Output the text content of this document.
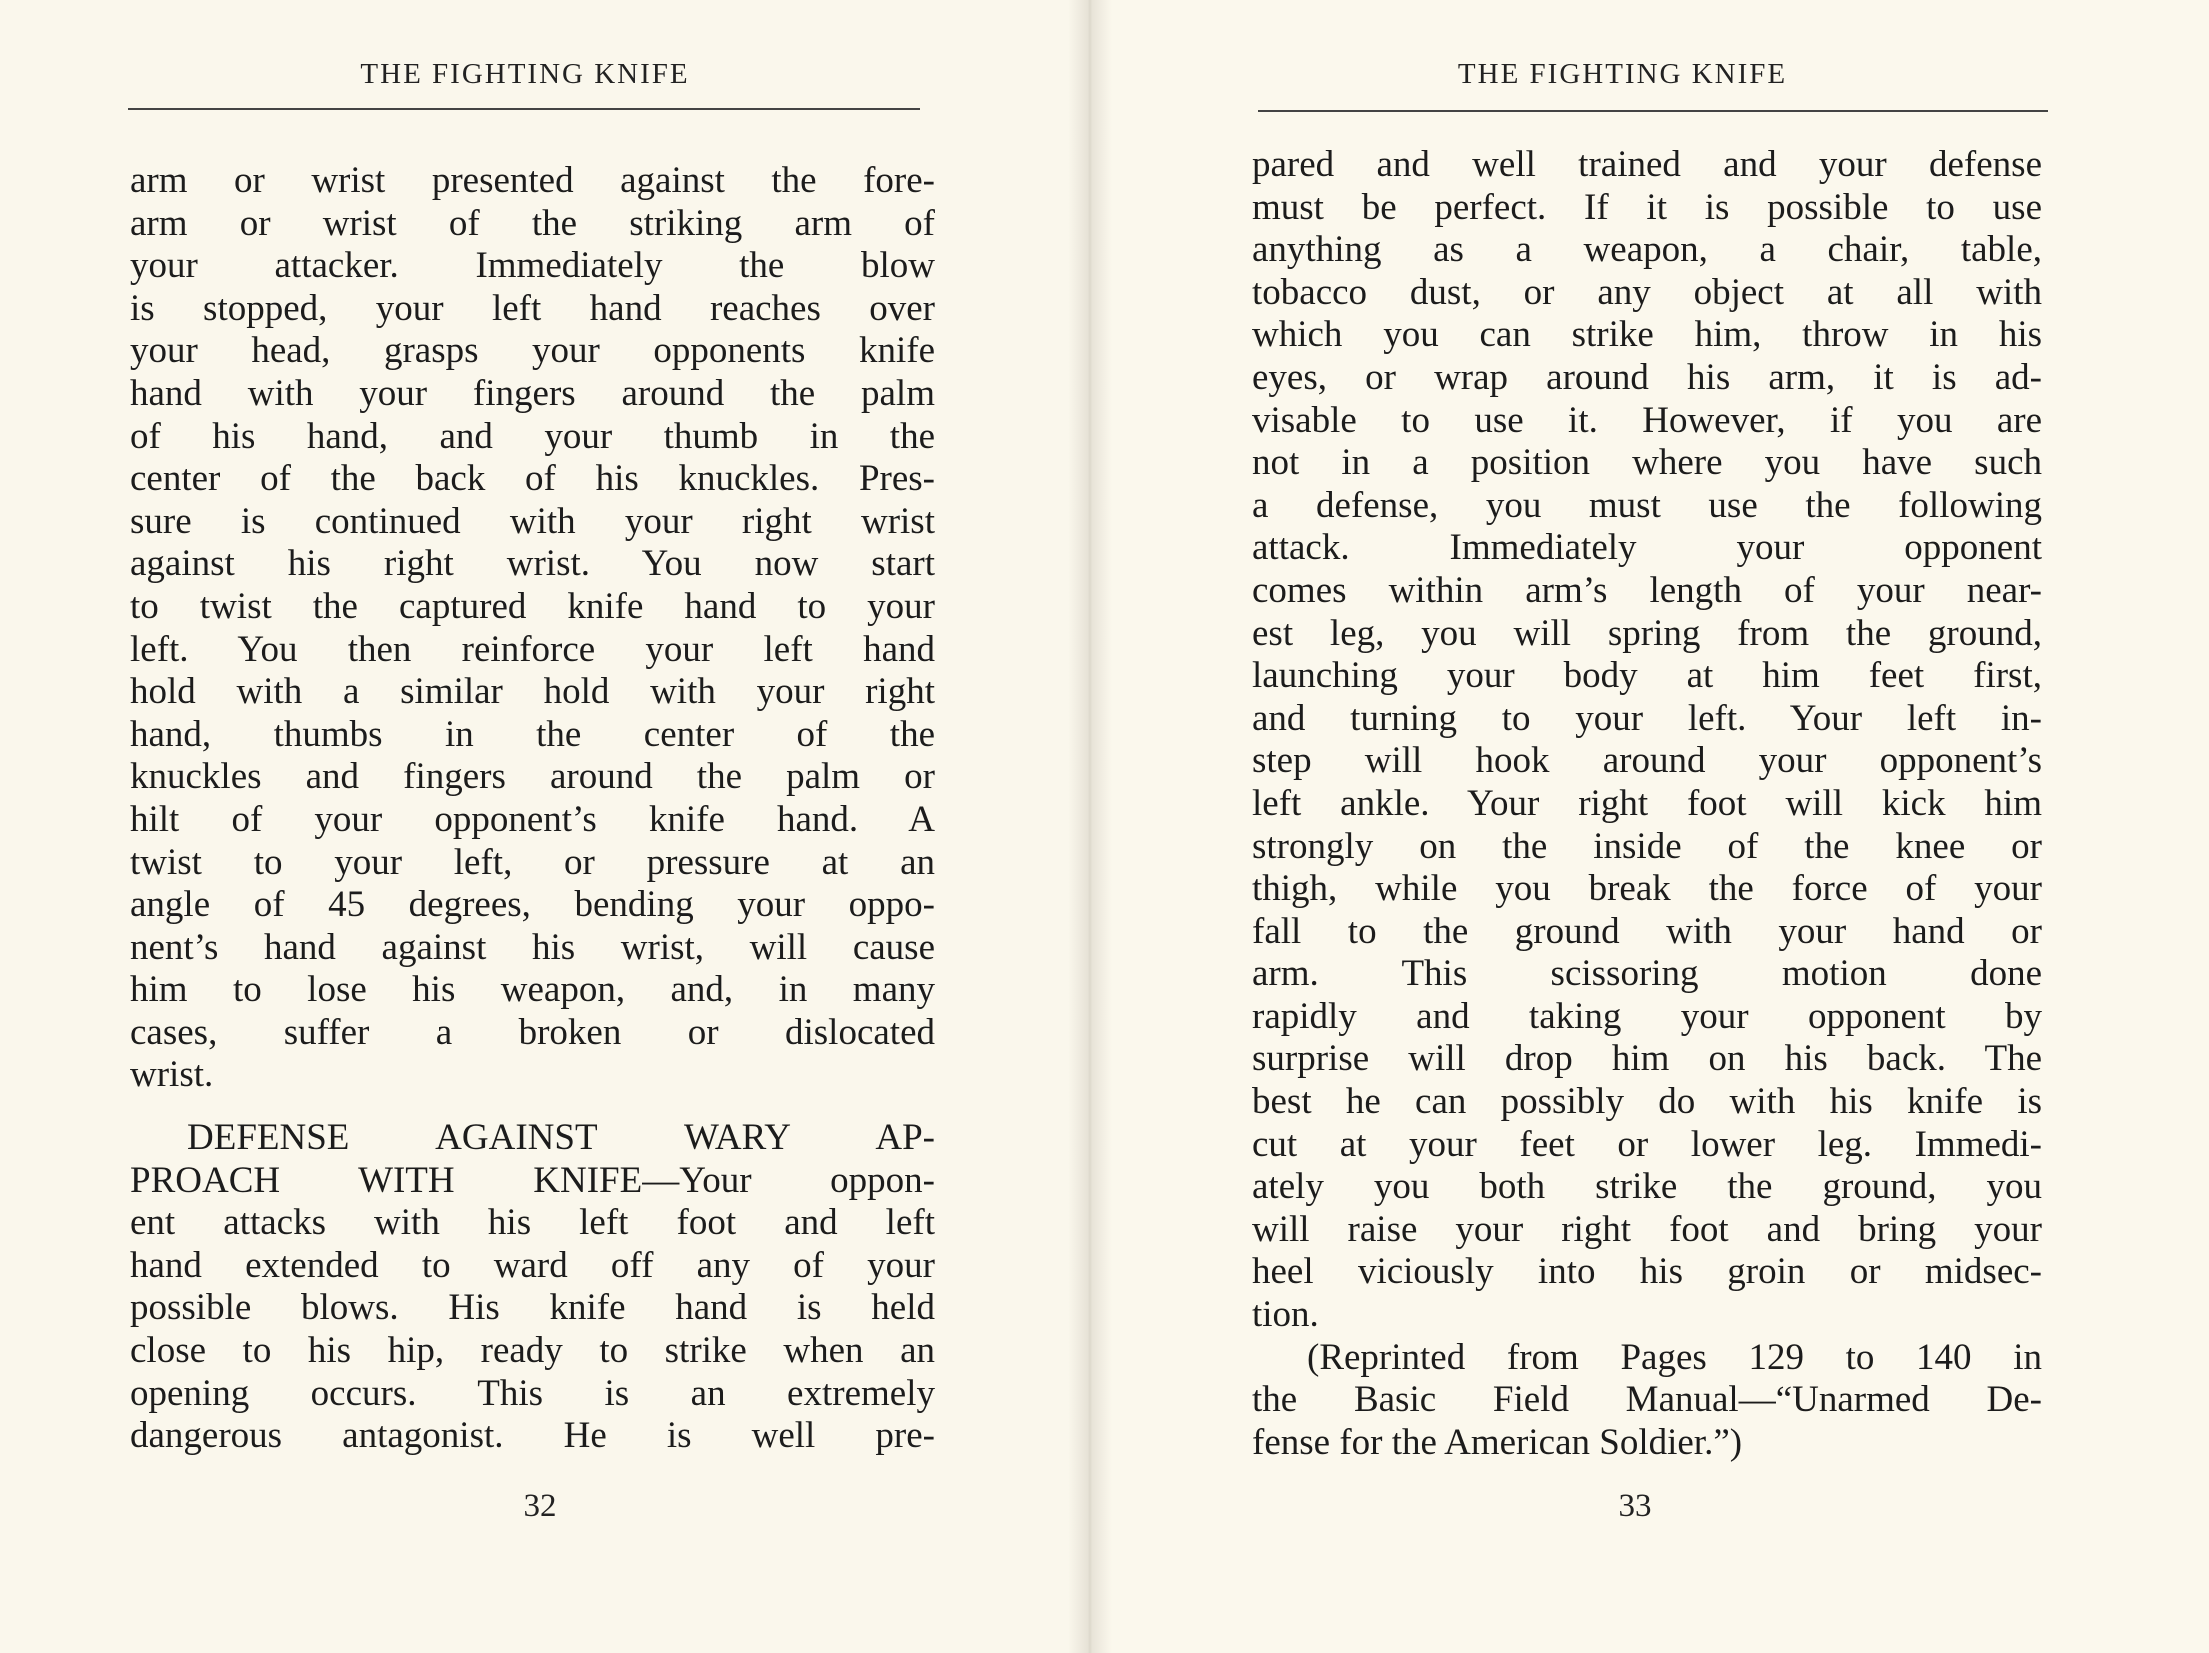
THE FIGHTING KNIFE
arm or wrist presented against the fore-
arm or wrist of the striking arm of
your attacker. Immediately the blow
is stopped, your left hand reaches over
your head, grasps your opponents knife
hand with your fingers around the palm
of his hand, and your thumb in the
center of the back of his knuckles. Pres-
sure is continued with your right wrist
against his right wrist. You now start
to twist the captured knife hand to your
left. You then reinforce your left hand
hold with a similar hold with your right
hand, thumbs in the center of the
knuckles and fingers around the palm or
hilt of your opponent’s knife hand. A
twist to your left, or pressure at an
angle of 45 degrees, bending your oppo-
nent’s hand against his wrist, will cause
him to lose his weapon, and, in many
cases, suffer a broken or dislocated
wrist.
DEFENSE AGAINST WARY AP-
PROACH WITH KNIFE—Your oppon-
ent attacks with his left foot and left
hand extended to ward off any of your
possible blows. His knife hand is held
close to his hip, ready to strike when an
opening occurs. This is an extremely
dangerous antagonist. He is well pre-
32
THE FIGHTING KNIFE
pared and well trained and your defense
must be perfect. If it is possible to use
anything as a weapon, a chair, table,
tobacco dust, or any object at all with
which you can strike him, throw in his
eyes, or wrap around his arm, it is ad-
visable to use it. However, if you are
not in a position where you have such
a defense, you must use the following
attack. Immediately your opponent
comes within arm’s length of your near-
est leg, you will spring from the ground,
launching your body at him feet first,
and turning to your left. Your left in-
step will hook around your opponent’s
left ankle. Your right foot will kick him
strongly on the inside of the knee or
thigh, while you break the force of your
fall to the ground with your hand or
arm. This scissoring motion done
rapidly and taking your opponent by
surprise will drop him on his back. The
best he can possibly do with his knife is
cut at your feet or lower leg. Immedi-
ately you both strike the ground, you
will raise your right foot and bring your
heel viciously into his groin or midsec-
tion.
(Reprinted from Pages 129 to 140 in
the Basic Field Manual—“Unarmed De-
fense for the American Soldier.”)
33
